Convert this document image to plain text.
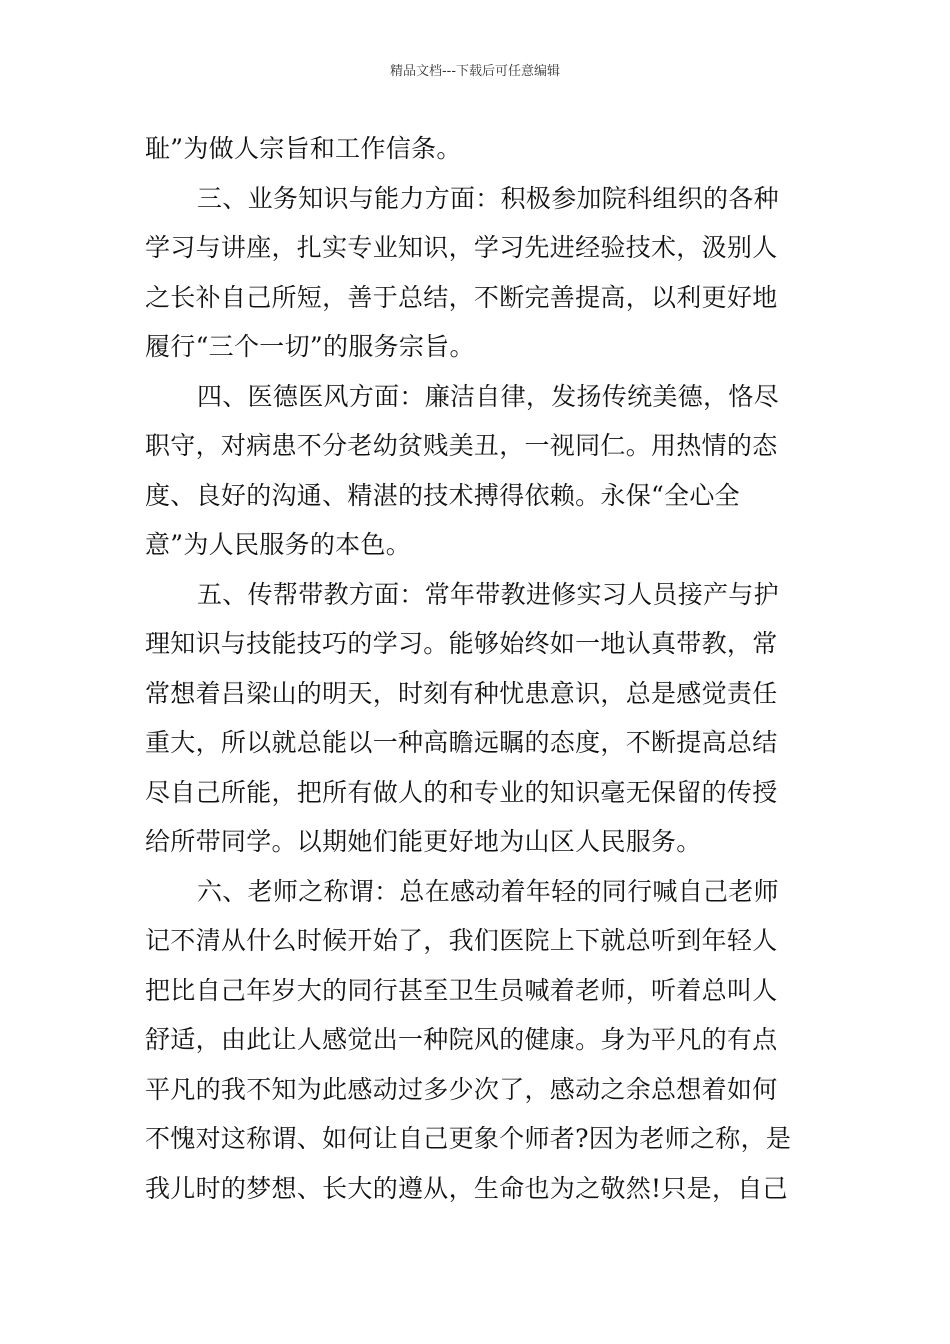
精品文档---下载后可任意编辑
耻”为做人宗旨和工作信条。
三、业务知识与能力方面：积极参加院科组织的各种
学习与讲座，扎实专业知识，学习先进经验技术，汲别人
之长补自己所短，善于总结，不断完善提高，以利更好地
履行“三个一切”的服务宗旨。
四、医德医风方面：廉洁自律，发扬传统美德，恪尽
职守，对病患不分老幼贫贱美丑，一视同仁。用热情的态
度、良好的沟通、精湛的技术搏得依赖。永保“全心全
意”为人民服务的本色。
五、传帮带教方面：常年带教进修实习人员接产与护
理知识与技能技巧的学习。能够始终如一地认真带教，常
常想着吕梁山的明天，时刻有种忧患意识，总是感觉责任
重大，所以就总能以一种高瞻远瞩的态度，不断提高总结
尽自己所能，把所有做人的和专业的知识毫无保留的传授
给所带同学。以期她们能更好地为山区人民服务。
六、老师之称谓：总在感动着年轻的同行喊自己老师
记不清从什么时候开始了，我们医院上下就总听到年轻人
把比自己年岁大的同行甚至卫生员喊着老师，听着总叫人
舒适，由此让人感觉出一种院风的健康。身为平凡的有点
平凡的我不知为此感动过多少次了，感动之余总想着如何
不愧对这称谓、如何让自己更象个师者?因为老师之称，是
我儿时的梦想、长大的遵从，生命也为之敬然!只是，自己
